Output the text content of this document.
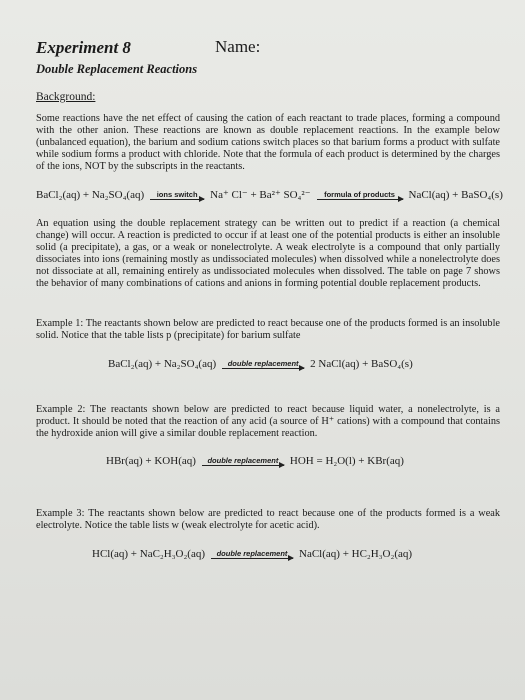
Experiment 8	Name:
Double Replacement Reactions
Background:
Some reactions have the net effect of causing the cation of each reactant to trade places, forming a compound with the other anion. These reactions are known as double replacement reactions. In the example below (unbalanced equation), the barium and sodium cations switch places so that barium forms a product with sulfate while sodium forms a product with chloride. Note that the formula of each product is determined by the charges of the ions, NOT by the subscripts in the reactants.
BaCl₂(aq) + Na₂SO₄(aq) ions switch Na⁺ Cl⁻ + Ba²⁺ SO₄²⁻ formula of products NaCl(aq) + BaSO₄(s)
An equation using the double replacement strategy can be written out to predict if a reaction (a chemical change) will occur. A reaction is predicted to occur if at least one of the potential products is either an insoluble solid (a precipitate), a gas, or a weak or nonelectrolyte. A weak electrolyte is a compound that only partially dissociates into ions (remaining mostly as undissociated molecules) when dissolved while a nonelectrolyte does not dissociate at all, remaining entirely as undissociated molecules when dissolved. The table on page 7 shows the behavior of many combinations of cations and anions in forming potential double replacement products.
Example 1: The reactants shown below are predicted to react because one of the products formed is an insoluble solid. Notice that the table lists p (precipitate) for barium sulfate
BaCl₂(aq) + Na₂SO₄(aq) double replacement 2 NaCl(aq) + BaSO₄(s)
Example 2: The reactants shown below are predicted to react because liquid water, a nonelectrolyte, is a product. It should be noted that the reaction of any acid (a source of H⁺ cations) with a compound that contains the hydroxide anion will give a similar double replacement reaction.
HBr(aq) + KOH(aq) double replacement HOH = H₂O(l) + KBr(aq)
Example 3: The reactants shown below are predicted to react because one of the products formed is a weak electrolyte. Notice the table lists w (weak electrolyte for acetic acid).
HCl(aq) + NaC₂H₃O₂(aq) double replacement NaCl(aq) + HC₂H₃O₂(aq)
